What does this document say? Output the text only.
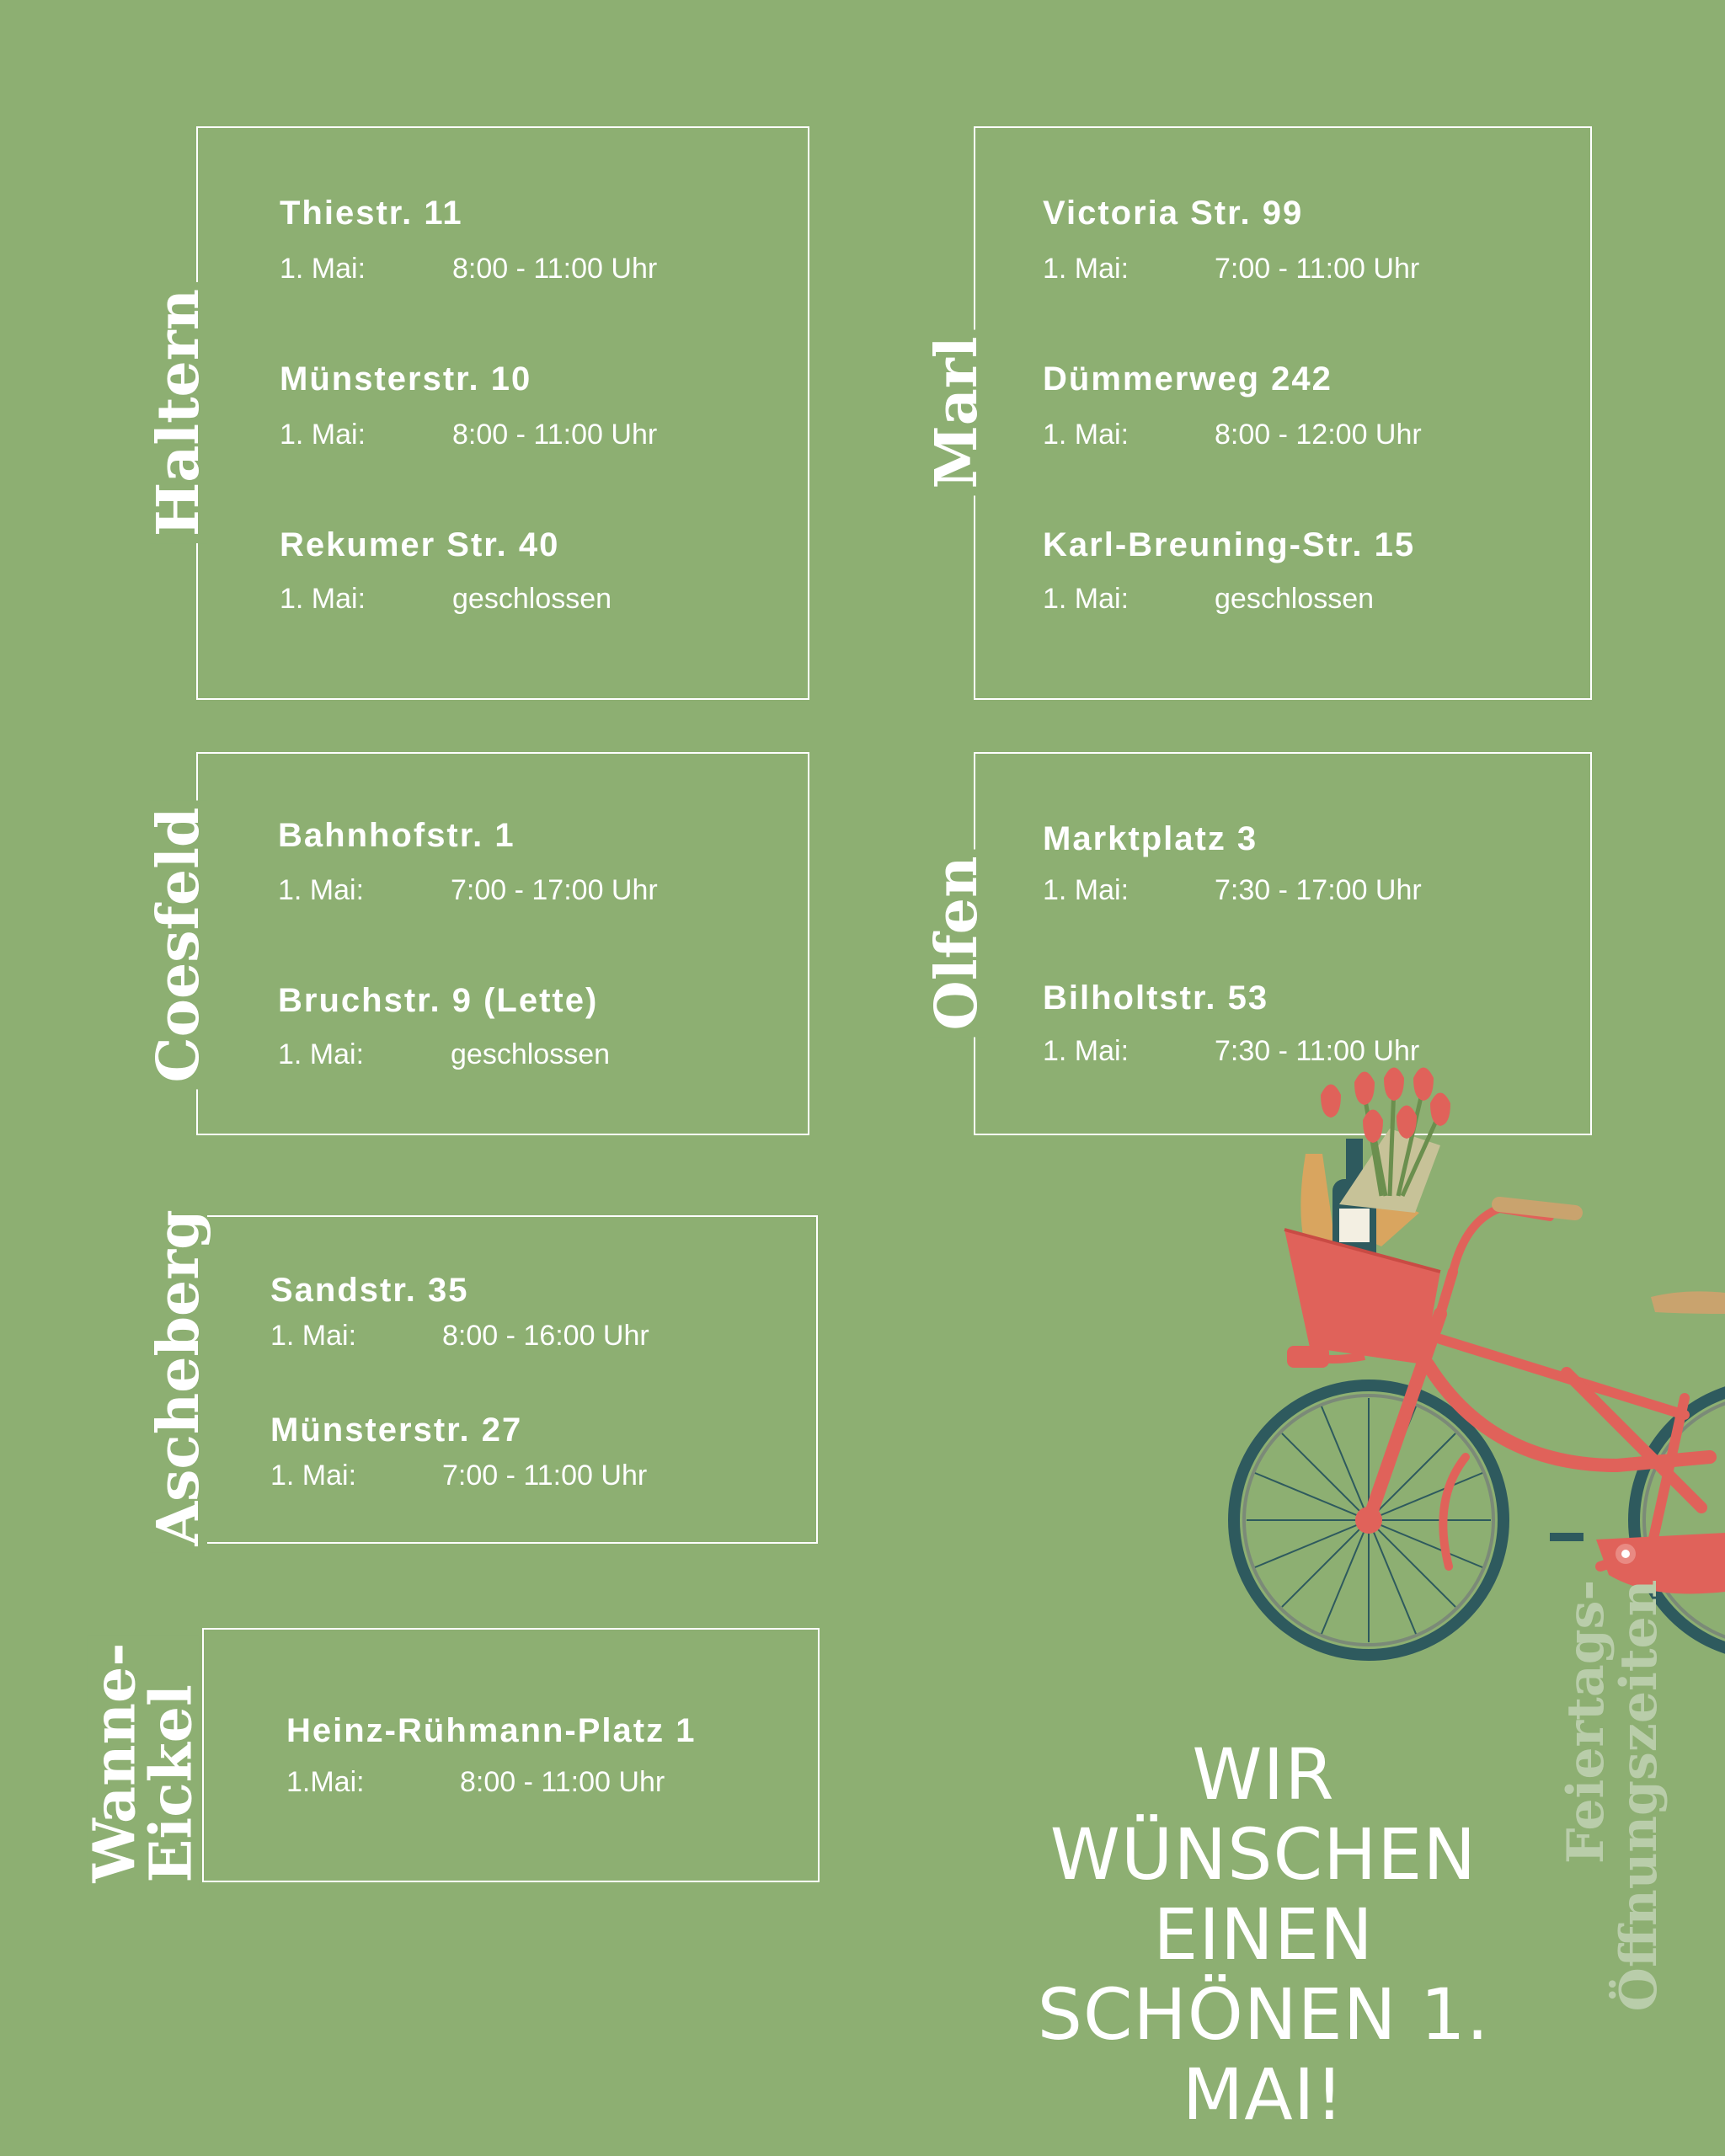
Haltern
Thiestr. 11
1. Mai:	8:00 - 11:00 Uhr
Münsterstr. 10
1. Mai:	8:00 - 11:00 Uhr
Rekumer Str. 40
1. Mai:	geschlossen
Marl
Victoria Str. 99
1. Mai:	7:00 - 11:00 Uhr
Dümmerweg 242
1. Mai:	8:00 - 12:00 Uhr
Karl-Breuning-Str. 15
1. Mai:	geschlossen
Coesfeld Bahnhofstr. 1
1. Mai:	7:00 - 17:00 Uhr
Bruchstr. 9 (Lette)
1. Mai:	geschlossen
Olfen
Marktplatz 3
1. Mai:	7:30 - 17:00 Uhr
Bilholtstr. 53
1. Mai:	7:30 - 11:00 Uhr
Ascheberg Sandstr. 35
1. Mai:	8:00 - 16:00 Uhr
Münsterstr. 27
1. Mai:	7:00 - 11:00 Uhr
Wanne-
Eickel Heinz-Rühmann-Platz 1
1.Mai:	8:00 - 11:00 Uhr	WIR WÜNSCHEN EINEN SCHÖNEN 1. MAI!
Feiertags-
Öffnungszeiten
